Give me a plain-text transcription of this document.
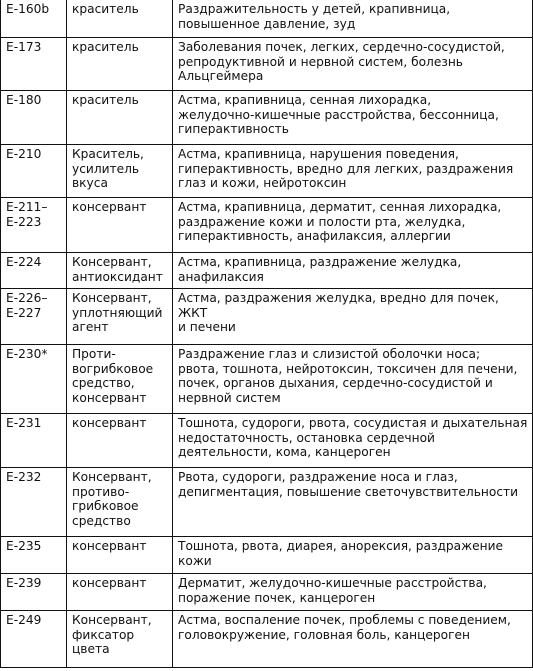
E-160b	краситель	Раздражительность у детей, крапивница,
повышенное давление, зуд

E-173	краситель	Заболевания почек, легких, сердечно-сосудистой,
репродуктивной и нервной систем, болезнь
Альцгеймера

E-180	краситель	Астма, крапивница, сенная лихорадка,
желудочно-кишечные расстройства, бессонница,
гиперактивность

E-210	Краситель,
усилитель
вкуса	Астма, крапивница, нарушения поведения,
гиперактивность, вредно для легких, раздражения
глаз и кожи, нейротоксин

E-211–
E-223	консервант	Астма, крапивница, дерматит, сенная лихорадка,
раздражение кожи и полости рта, желудка,
гиперактивность, анафилаксия, аллергии

E-224	Консервант,
антиоксидант	Астма, крапивница, раздражение желудка,
анафилаксия

E-226–
E-227	Консервант,
уплотняющий
агент	Астма, раздражения желудка, вредно для почек, ЖКТ
и печени

E-230*	Проти-
вогрибковое
средство,
консервант	Раздражение глаз и слизистой оболочки носа;
рвота, тошнота, нейротоксин, токсичен для печени,
почек, органов дыхания, сердечно-сосудистой и
нервной систем

E-231	консервант	Тошнота, судороги, рвота, сосудистая и дыхательная
недостаточность, остановка сердечной
деятельности, кома, канцероген

E-232	Консервант,
противо-
грибковое
средство	Рвота, судороги, раздражение носа и глаз,
депигментация, повышение светочувствительности

E-235	консервант	Тошнота, рвота, диарея, анорексия, раздражение
кожи

E-239	консервант	Дерматит, желудочно-кишечные расстройства,
поражение почек, канцероген

E-249	Консервант,
фиксатор
цвета	Астма, воспаление почек, проблемы с поведением,
головокружение, головная боль, канцероген
